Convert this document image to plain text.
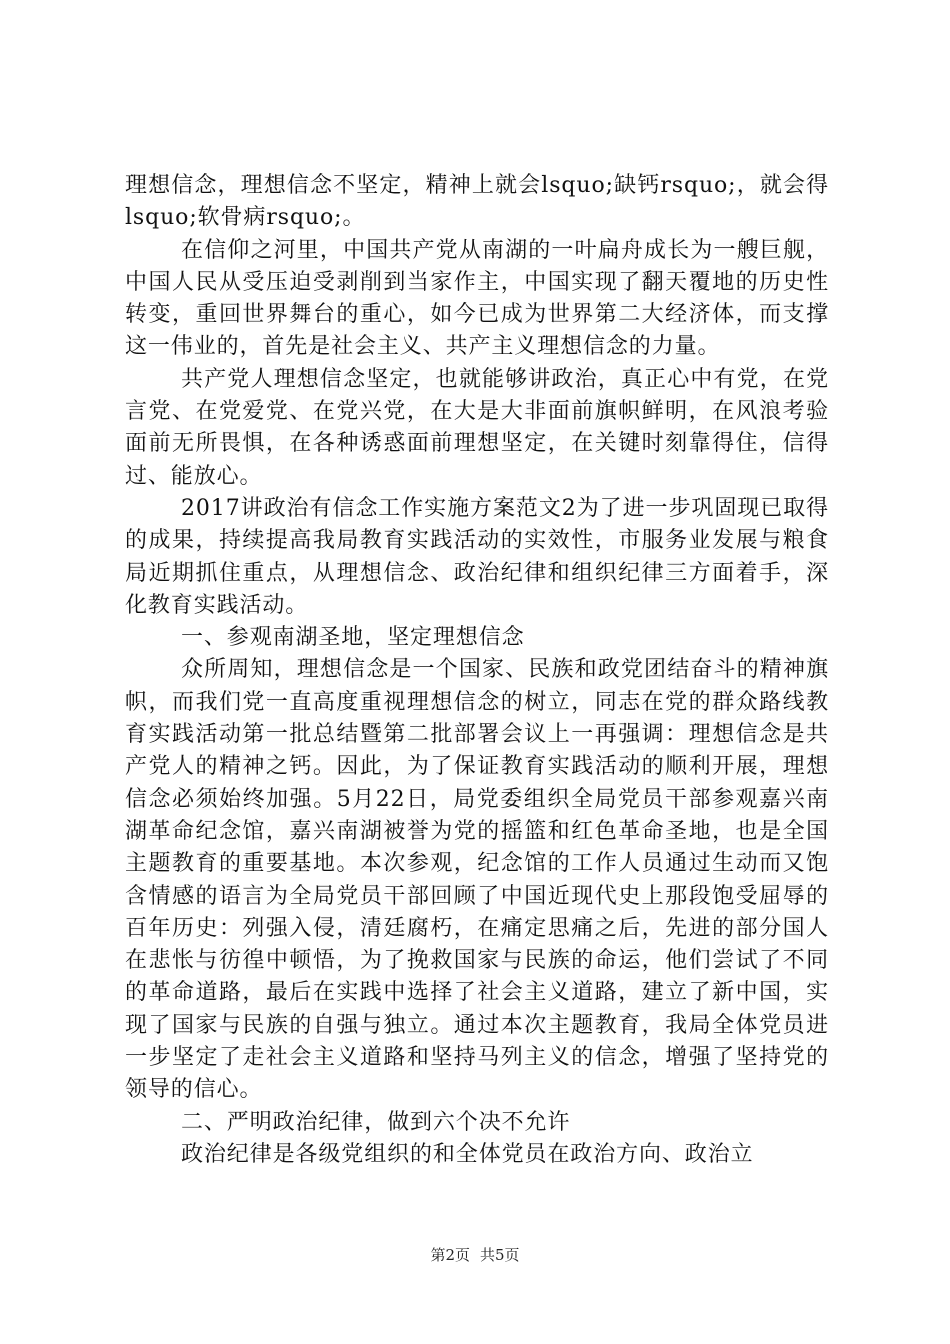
理想信念，理想信念不坚定，精神上就会lsquo;缺钙rsquo;，就会得lsquo;软骨病rsquo;。

在信仰之河里，中国共产党从南湖的一叶扁舟成长为一艘巨舰，中国人民从受压迫受剥削到当家作主，中国实现了翻天覆地的历史性转变，重回世界舞台的重心，如今已成为世界第二大经济体，而支撑这一伟业的，首先是社会主义、共产主义理想信念的力量。

共产党人理想信念坚定，也就能够讲政治，真正心中有党，在党言党、在党爱党、在党兴党，在大是大非面前旗帜鲜明，在风浪考验面前无所畏惧，在各种诱惑面前理想坚定，在关键时刻靠得住，信得过、能放心。

2017讲政治有信念工作实施方案范文2为了进一步巩固现已取得的成果，持续提高我局教育实践活动的实效性，市服务业发展与粮食局近期抓住重点，从理想信念、政治纪律和组织纪律三方面着手，深化教育实践活动。

一、参观南湖圣地，坚定理想信念

众所周知，理想信念是一个国家、民族和政党团结奋斗的精神旗帜，而我们党一直高度重视理想信念的树立，同志在党的群众路线教育实践活动第一批总结暨第二批部署会议上一再强调：理想信念是共产党人的精神之钙。因此，为了保证教育实践活动的顺利开展，理想信念必须始终加强。5月22日，局党委组织全局党员干部参观嘉兴南湖革命纪念馆，嘉兴南湖被誉为党的摇篮和红色革命圣地，也是全国主题教育的重要基地。本次参观，纪念馆的工作人员通过生动而又饱含情感的语言为全局党员干部回顾了中国近现代史上那段饱受屈辱的百年历史：列强入侵，清廷腐朽，在痛定思痛之后，先进的部分国人在悲怅与彷徨中顿悟，为了挽救国家与民族的命运，他们尝试了不同的革命道路，最后在实践中选择了社会主义道路，建立了新中国，实现了国家与民族的自强与独立。通过本次主题教育，我局全体党员进一步坚定了走社会主义道路和坚持马列主义的信念，增强了坚持党的领导的信心。

二、严明政治纪律，做到六个决不允许

政治纪律是各级党组织的和全体党员在政治方向、政治立

第2页 共5页
